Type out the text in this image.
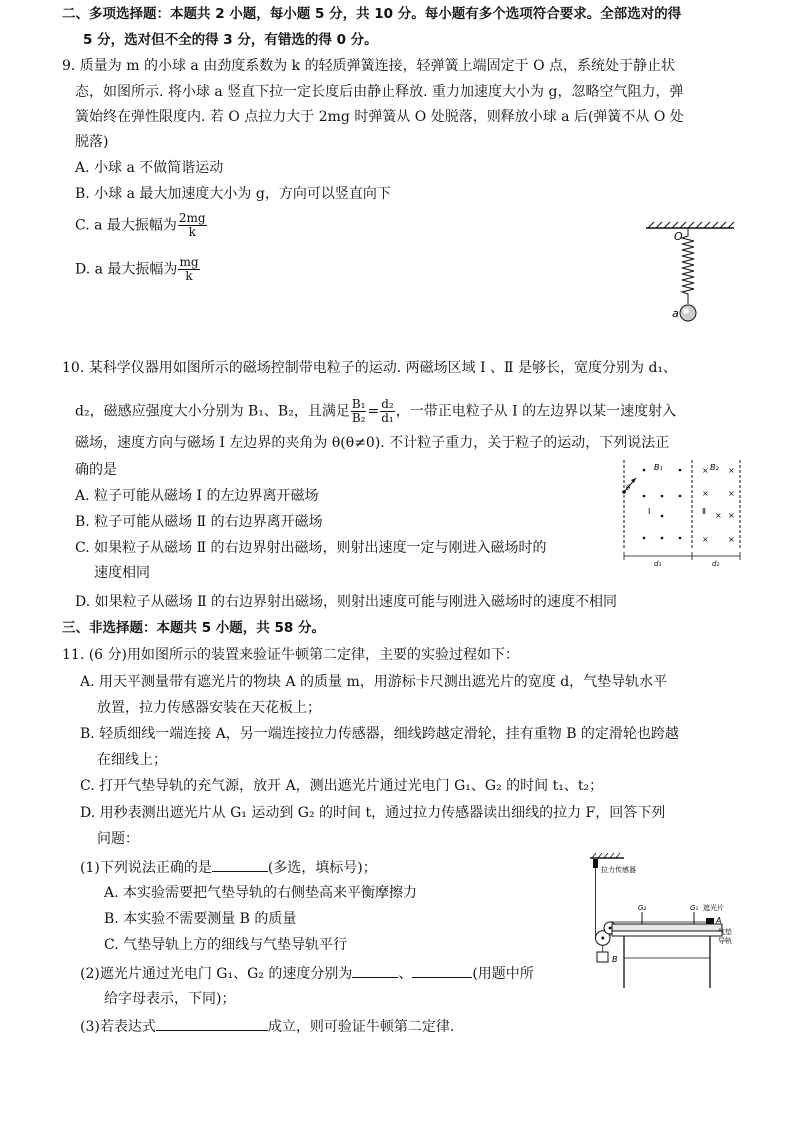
二、多项选择题：本题共 2 小题，每小题 5 分，共 10 分。每小题有多个选项符合要求。全部选对的得
5 分，选对但不全的得 3 分，有错选的得 0 分。
9. 质量为 m 的小球 a 由劲度系数为 k 的轻质弹簧连接，轻弹簧上端固定于 O 点，系统处于静止状
态，如图所示. 将小球 a 竖直下拉一定长度后由静止释放. 重力加速度大小为 g，忽略空气阻力，弹
簧始终在弹性限度内. 若 O 点拉力大于 2mg 时弹簧从 O 处脱落，则释放小球 a 后(弹簧不从 O 处
脱落)
A. 小球 a 不做简谐运动
B. 小球 a 最大加速度大小为 g，方向可以竖直向下
C. a 最大振幅为 $\frac{2mg}{k}$
D. a 最大振幅为 $\frac{mg}{k}$
O
a
10. 某科学仪器用如图所示的磁场控制带电粒子的运动. 两磁场区域 Ⅰ 、Ⅱ 是够长，宽度分别为 d₁、
d₂，磁感应强度大小分别为 B₁、B₂，且满足 $\frac{\text{B₁}}{\text{B₂}} = \frac{\text{d₂}}{\text{d₁}}$ ，一带正电粒子从 Ⅰ 的左边界以某一速度射入
磁场，速度方向与磁场 Ⅰ 左边界的夹角为 θ(θ≠0). 不计粒子重力，关于粒子的运动，下列说法正
确的是
A. 粒子可能从磁场 Ⅰ 的左边界离开磁场
B. 粒子可能从磁场 Ⅱ 的右边界离开磁场
C. 如果粒子从磁场 Ⅱ 的右边界射出磁场，则射出速度一定与刚进入磁场时的
速度相同
D. 如果粒子从磁场 Ⅱ 的右边界射出磁场，则射出速度可能与刚进入磁场时的速度不相同
× ×
× ×
× ×
× ×
B₁	B₂
Ⅰ	Ⅱ
θ
d₁	d₂
三、非选择题：本题共 5 小题，共 58 分。
11. (6 分)用如图所示的装置来验证牛顿第二定律，主要的实验过程如下：
A. 用天平测量带有遮光片的物块 A 的质量 m，用游标卡尺测出遮光片的宽度 d，气垫导轨水平
放置，拉力传感器安装在天花板上；
B. 轻质细线一端连接 A，另一端连接拉力传感器，细线跨越定滑轮，挂有重物 B 的定滑轮也跨越
在细线上；
C. 打开气垫导轨的充气源，放开 A，测出遮光片通过光电门 G₁、G₂ 的时间 t₁、t₂；
D. 用秒表测出遮光片从 G₁ 运动到 G₂ 的时间 t，通过拉力传感器读出细线的拉力 F，回答下列
问题：
(1)下列说法正确的是	(多选，填标号)；
A. 本实验需要把气垫导轨的右侧垫高来平衡摩擦力
B. 本实验不需要测量 B 的质量
C. 气垫导轨上方的细线与气垫导轨平行
(2)遮光片通过光电门 G₁、G₂ 的速度分别为	、	(用题中所
给字母表示，下同)；
(3)若表达式	成立，则可验证牛顿第二定律.
拉力传感器
B
G₂	G₁ 遮光片
A
气垫
导轨
